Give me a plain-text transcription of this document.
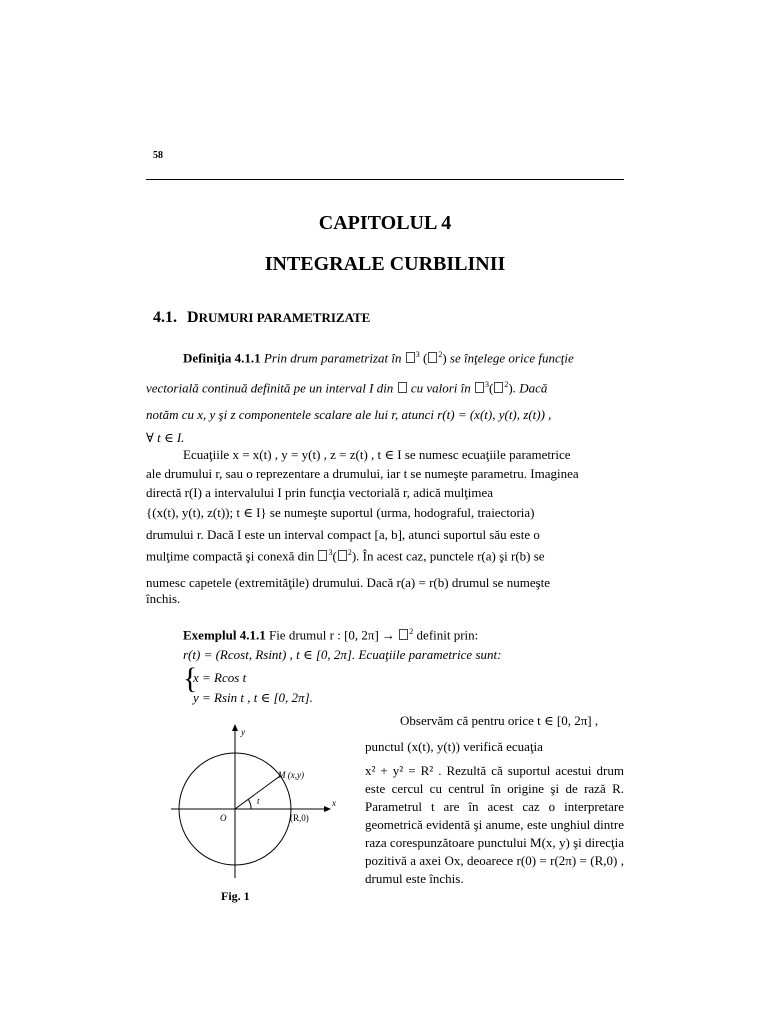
58
CAPITOLUL 4
INTEGRALE CURBILINII
4.1. DRUMURI PARAMETRIZATE
Definiţia 4.1.1 Prin drum parametrizat în $^3$ ( $^2$) se înţelege orice funcţie
vectorială continuă definită pe un interval I din cu valori în $^3$( $^2$). Dacă
notăm cu x, y şi z componentele scalare ale lui r, atunci r(t) = (x(t), y(t), z(t)) ,
∀ t ∈ I.
Ecuaţiile x = x(t) , y = y(t) , z = z(t) , t ∈ I se numesc ecuaţiile parametrice
ale drumului r, sau o reprezentare a drumului, iar t se numeşte parametru. Imaginea
directă r(I) a intervalului I prin funcţia vectorială r, adică mulţimea
{(x(t), y(t), z(t)); t ∈ I} se numeşte suportul (urma, hodograful, traiectoria)
drumului r. Dacă I este un interval compact [a, b], atunci suportul său este o
mulţime compactă şi conexă din $^3$( $^2$). În acest caz, punctele r(a) şi r(b) se
numesc capetele (extremităţile) drumului. Dacă r(a) = r(b) drumul se numeşte
închis.
Exemplul 4.1.1 Fie drumul r : [0, 2π] → $^2$ definit prin:
r(t) = (Rcost, Rsint) , t ∈ [0, 2π]. Ecuaţiile parametrice sunt:
{
x = Rcos t
y = Rsin t , t ∈ [0, 2π].
Observăm că pentru orice t ∈ [0, 2π] ,
punctul (x(t), y(t)) verifică ecuaţia
x² + y² = R² . Rezultă că suportul acestui drum este cercul cu centrul în origine şi de rază R. Parametrul t are în acest caz o interpretare geometrică evidentă şi anume, este unghiul dintre raza corespunzătoare punctului M(x, y) şi direcţia pozitivă a axei Ox, deoarece r(0) = r(2π) = (R,0) , drumul este închis.
y
x
M (x,y)
t
O	(R,0)
Fig. 1
